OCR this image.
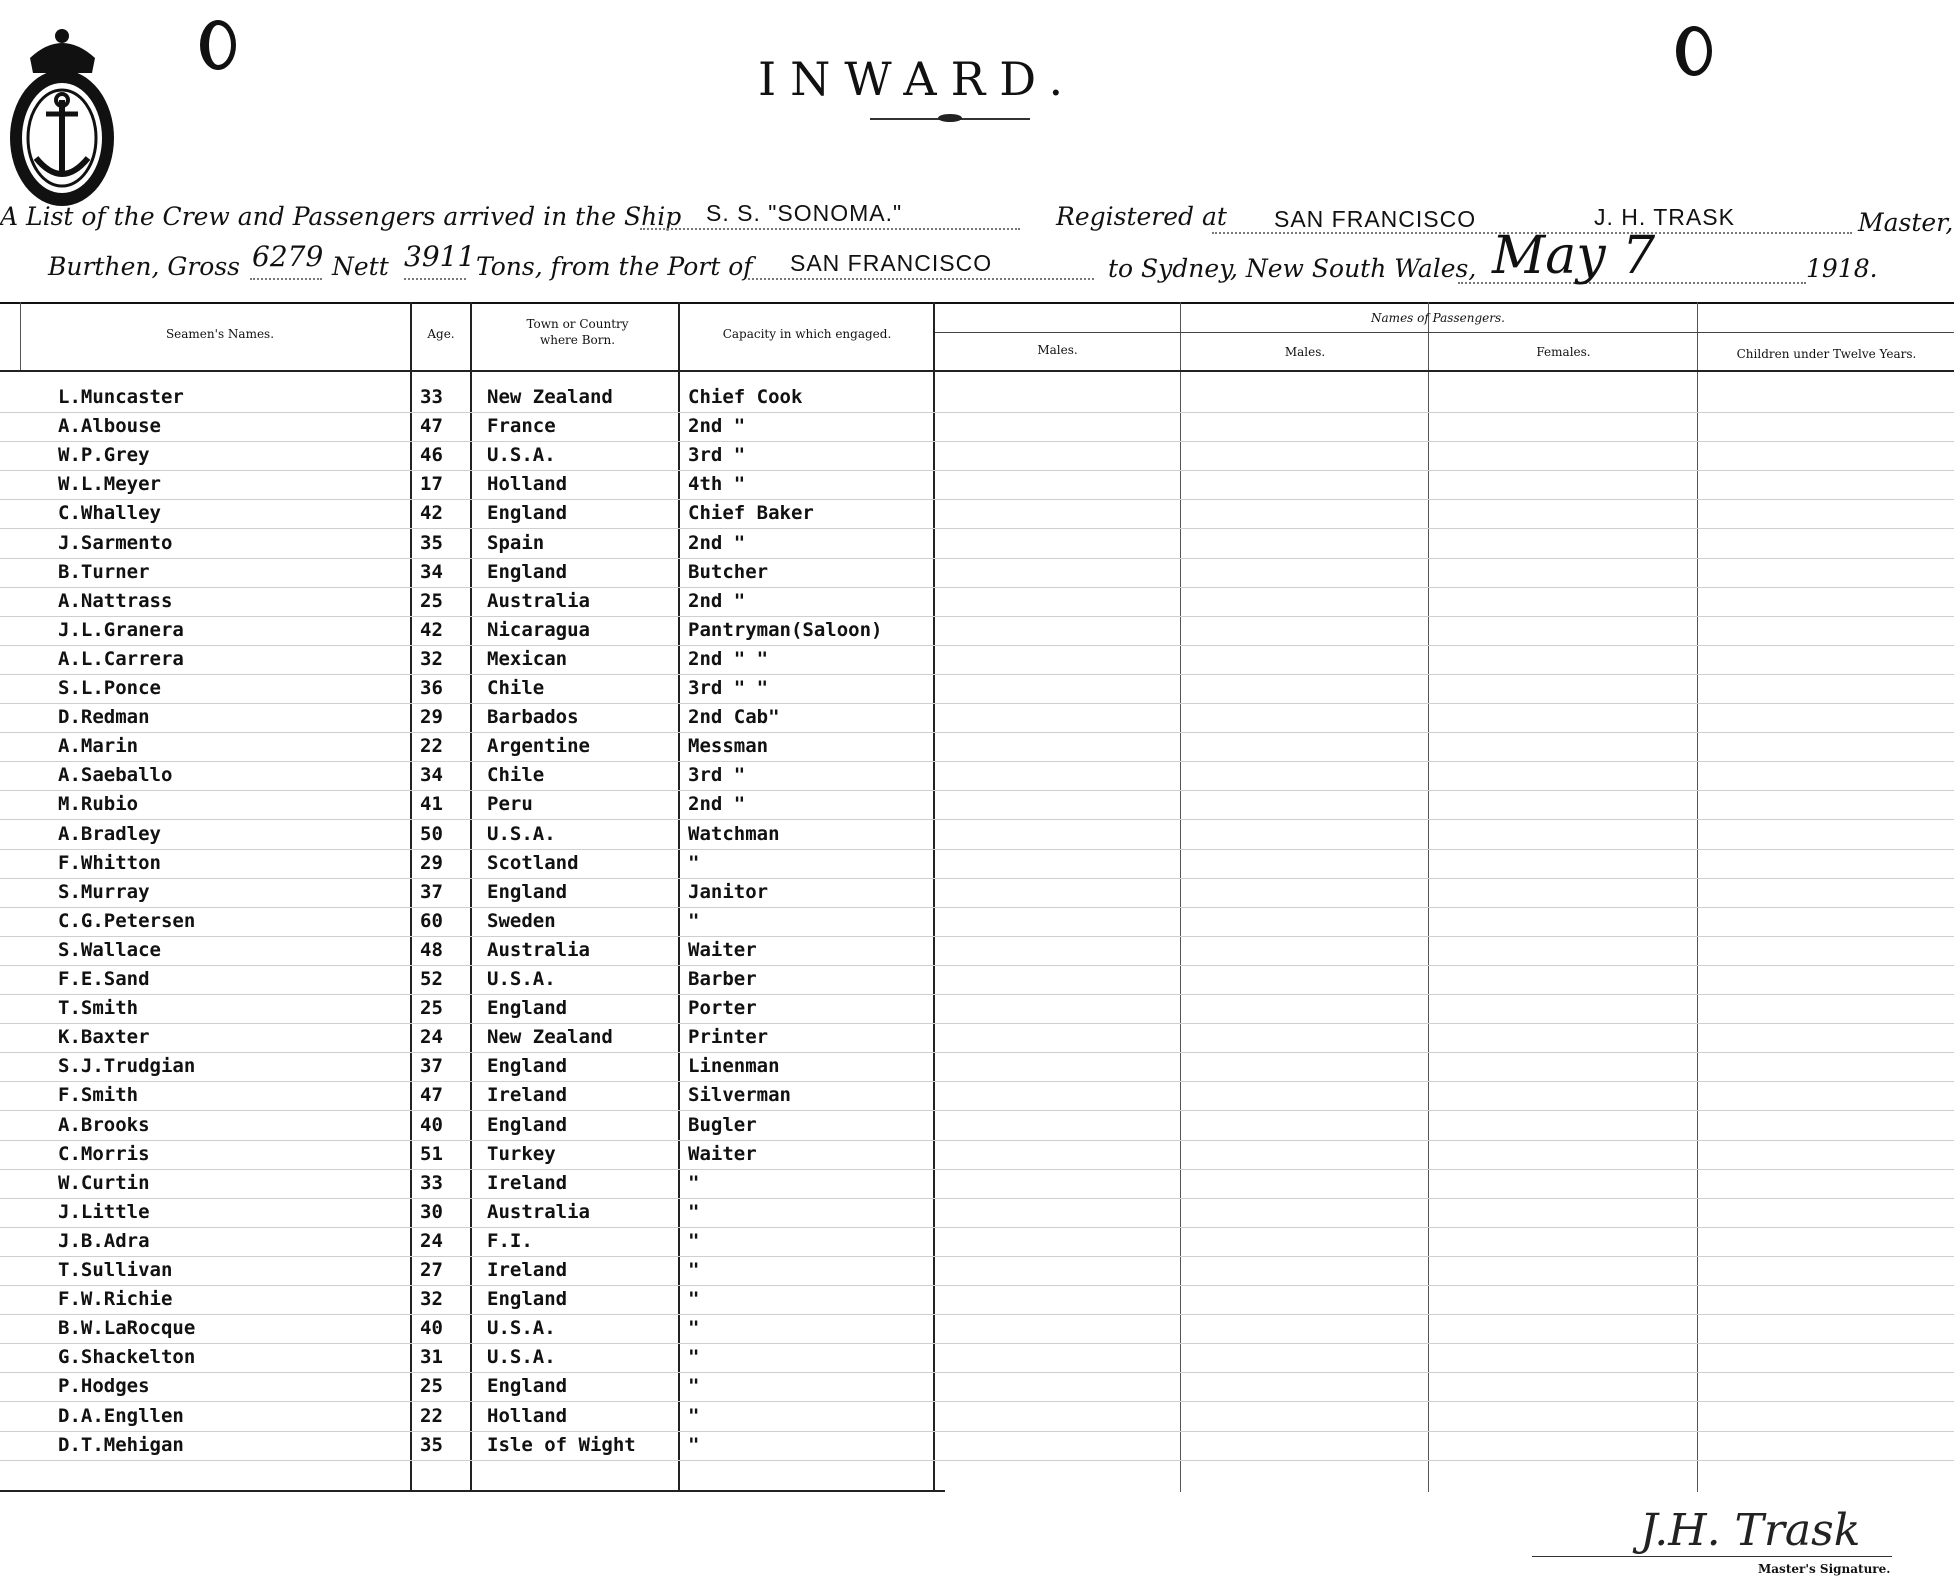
INWARD.
A List of the Crew and Passengers arrived in the Ship S. S. "SONOMA."	Registered at SAN FRANCISCO	J. H. TRASK	Master,
Burthen, Gross 6279 Nett 3911 Tons, from the Port of SAN FRANCISCO	to Sydney, New South Wales, May 7	1918.
Seamen's Names.	Age.
Town or Country where Born.	Capacity in which engaged.
Names of Passengers.
Males.	Males.	Females.	Children under Twelve Years.
L.Muncaster	33 New Zealand	Chief Cook
A.Albouse	47 France	2nd "
W.P.Grey	46 U.S.A.	3rd "
W.L.Meyer	17 Holland	4th "
C.Whalley	42 England	Chief Baker
J.Sarmento	35 Spain	2nd "
B.Turner	34 England	Butcher
A.Nattrass	25 Australia	2nd "
J.L.Granera	42 Nicaragua	Pantryman(Saloon)
A.L.Carrera	32 Mexican	2nd " "
S.L.Ponce	36 Chile	3rd " "
D.Redman	29 Barbados	2nd Cab"
A.Marin	22 Argentine	Messman
A.Saeballo	34 Chile	3rd "
M.Rubio	41 Peru	2nd "
A.Bradley	50 U.S.A.	Watchman
F.Whitton	29 Scotland	"
S.Murray	37 England	Janitor
C.G.Petersen	60 Sweden	"
S.Wallace	48 Australia	Waiter
F.E.Sand	52 U.S.A.	Barber
T.Smith	25 England	Porter
K.Baxter	24 New Zealand	Printer
S.J.Trudgian	37 England	Linenman
F.Smith	47 Ireland	Silverman
A.Brooks	40 England	Bugler
C.Morris	51 Turkey	Waiter
W.Curtin	33 Ireland	"
J.Little	30 Australia	"
J.B.Adra	24 F.I.	"
T.Sullivan	27 Ireland	"
F.W.Richie	32 England	"
B.W.LaRocque	40 U.S.A.	"
G.Shackelton	31 U.S.A.	"
P.Hodges	25 England	"
D.A.Engllen	22 Holland	"
D.T.Mehigan	35 Isle of Wight	"
J.H. Trask
Master's Signature.
